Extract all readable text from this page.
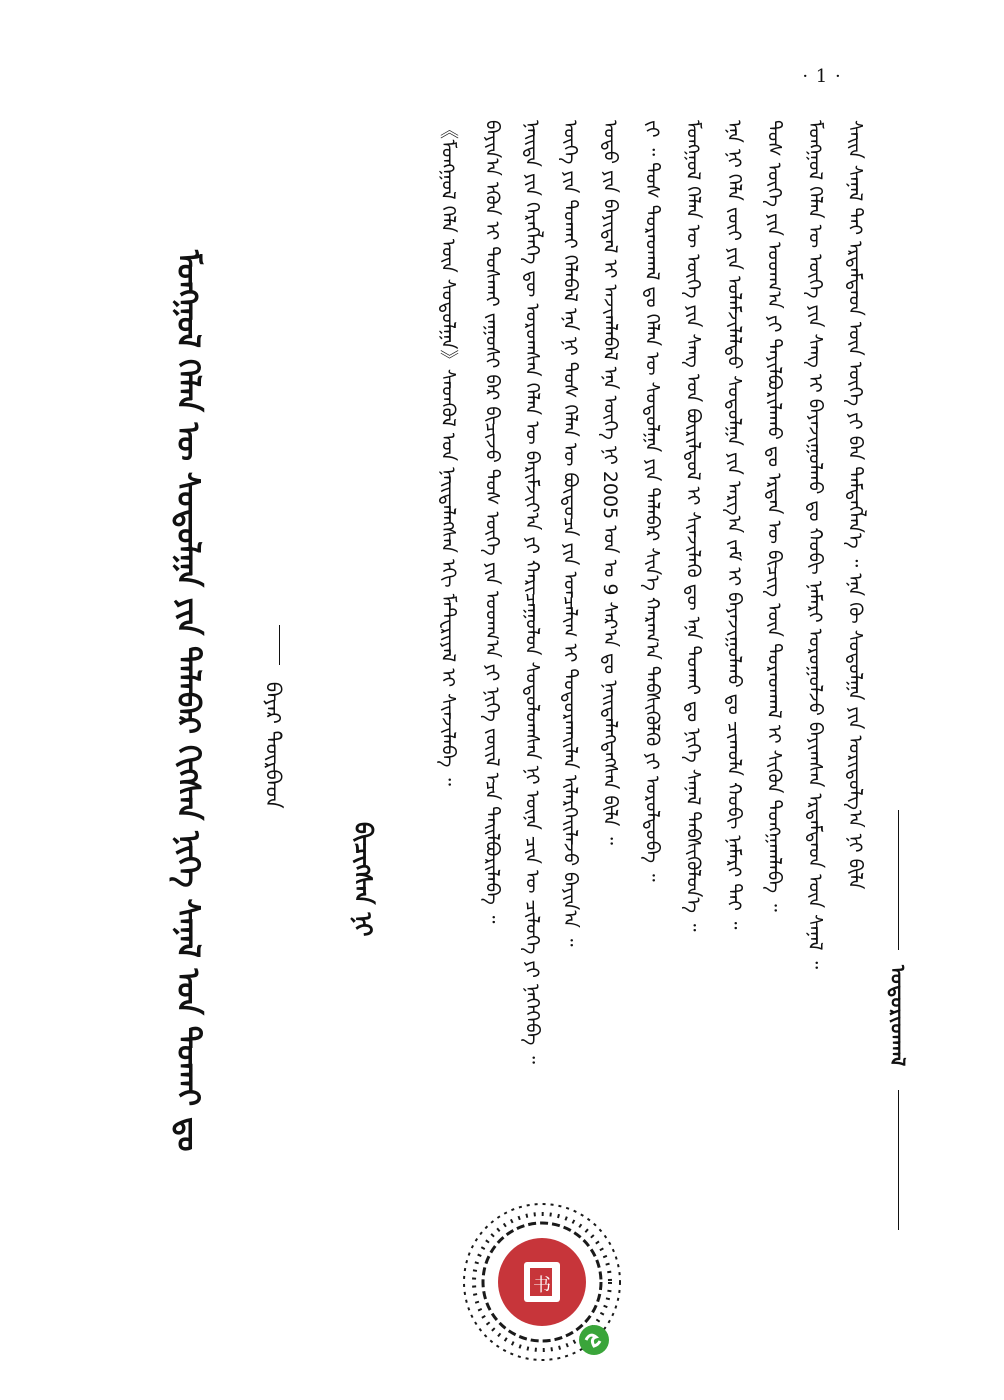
· 1 ·
ᠮᠣᠩᠭᠣᠯ ᠬᠡᠯᠡᠨ ᠦ ᠰᠤᠳᠤᠯᠭᠠ ᠶᠢᠨ ᠲᠠᠯᠠᠪᠠᠷ ᠬᠢᠭᠰᠡᠨ ᠨᠢᠭᠡ ᠰᠠᠨᠠᠯ ᠤᠨ ᠲᠤᠬᠠᠢ ᠳᠤ	ᠪᠠᠶᠠᠷ ᠳᠦᠷᠪᠡᠳ
ᠪᠢᠴᠢᠭᠰᠡᠨ ᠨᠢ
《ᠮᠣᠩᠭᠣᠯ ᠬᠡᠯᠡ ᠦᠨ ᠰᠤᠳᠤᠯᠭᠠ》ᠰᠡᠳᠬᠦᠯ ᠤᠨ ᠨᠡᠢᠲᠡᠯᠡᠭᠰᠡᠨ ᠡᠬᠢ ᠮᠠᠲᠧᠷᠢᠶᠠᠯ ᠢ ᠰᠢᠨᠵᠢᠯᠡᠪᠡ ᠃ ᠪᠠᠶᠢᠨ᠎ᠠ ᠡᠭᠦᠨ ᠢ ᠲᠤᠰᠬᠠᠢ ᠵᠠᠭᠤᠰᠢ ᠪᠠᠷ ᠪᠢᠴᠢᠵᠦ ᠲᠤᠰ ᠦᠭᠡ ᠶᠢᠨ ᠤᠳᠬ᠎ᠠ ᠶᠢ ᠨᠢᠭᠡ ᠵᠦᠢᠯ ᠡᠴᠡ ᠲᠠᠢᠯᠪᠤᠷᠢᠯᠠᠪᠠ ᠃ ᠨᠡᠢᠲᠡ ᠶᠢᠨ ᠬᠡᠷᠡᠭᠯᠡᠭᠡ ᠳᠦ ᠣᠷᠣᠭᠰᠠᠨ ᠬᠡᠯᠡᠨ ᠦ ᠪᠠᠷᠢᠮᠵᠢᠶ᠎ᠠ ᠶᠢ ᠬᠠᠷᠢᠴᠠᠭᠤᠯᠤᠨ ᠰᠤᠳᠤᠯᠤᠭᠰᠠᠨ ᠨᠢ ᠦᠨᠡ ᠴᠢᠨ ᠦ ᠴᠢᠯᠤᠭᠡ ᠶᠢ ᠨᠡᠭᠡᠭᠡᠪᠡ ᠃ ᠦᠭᠡ ᠶᠢᠨ ᠲᠤᠬᠠᠢ ᠬᠡᠯᠡᠪᠡᠯ ᠡᠨᠡ ᠨᠢ ᠲᠤᠰ ᠬᠡᠯᠡᠨ ᠦ ᠪᠦᠲᠦᠴᠡ ᠶᠢᠨ ᠣᠨᠴᠠᠯᠢᠭ ᠢ ᠲᠣᠳᠣᠷᠬᠠᠢᠯᠠᠨ ᠢᠯᠡᠷᠬᠡᠢᠯᠡᠵᠦ ᠪᠠᠶᠢᠨ᠎ᠠ ᠃ ᠣᠳᠣ ᠶᠢᠨ ᠪᠠᠶᠢᠳᠠᠯ ᠢ ᠠᠵᠢᠭᠯᠠᠪᠠᠯ ᠡᠨᠡ ᠦᠭᠡ ᠨᠢ 2005 ᠣᠨ ᠤ 9 ᠰᠠᠷ᠎ᠠ ᠳᠤ ᠨᠡᠢᠲᠡᠯᠡᠭᠳᠡᠭᠰᠡᠨ ᠪᠢᠯᠡ ᠃ ᠵᠢ ᠃ ᠲᠤᠰ ᠳᠤᠷᠠᠳᠬᠠᠯ ᠳᠤ ᠬᠡᠯᠡᠨ ᠦ ᠰᠤᠳᠤᠯᠭᠠ ᠶᠢᠨ ᠲᠠᠯᠠᠪᠠᠷ ᠰᠢᠨ᠎ᠡ ᠬᠠᠷᠠᠭ᠎ᠠ ᠳᠡᠪᠰᠢᠭᠦᠯᠬᠦ ᠶᠢ ᠣᠷᠤᠯᠳᠤᠪᠠ ᠃ ᠮᠣᠩᠭᠣᠯ ᠬᠡᠯᠡᠨ ᠦ ᠦᠭᠡ ᠶᠢᠨ ᠰᠠᠩ ᠤᠨ ᠪᠦᠷᠢᠯᠳᠦᠯ ᠢ ᠰᠢᠨᠵᠢᠯᠡᠬᠦ ᠳᠦ ᠡᠨᠡ ᠲᠤᠬᠠᠢ ᠳᠤ ᠨᠢᠭᠡ ᠰᠠᠨᠠᠯ ᠳᠡᠪᠰᠢᠭᠦᠯᠦᠨ᠎ᠡ ᠃ ᠡᠨᠡ ᠨᠢ ᠬᠡᠯᠡ ᠵᠦᠢ ᠶᠢᠨ ᠤᠯᠠᠮᠵᠢᠯᠠᠯᠳᠤ ᠰᠤᠳᠤᠯᠭᠠ ᠶᠢᠨ ᠠᠷᠭ᠎ᠠ ᠵᠠᠮ ᠢ ᠪᠠᠶᠠᠵᠢᠭᠤᠯᠬᠤ ᠳᠤ ᠴᠢᠬᠤᠯᠠ ᠬᠤᠪᠢ ᠨᠡᠮᠡᠷᠢ ᠲᠡᠢ ᠃ ᠲᠤᠰ ᠦᠭᠡ ᠶᠢᠨ ᠤᠳᠬ᠎ᠠ ᠶᠢ ᠲᠠᠶᠢᠯᠪᠤᠷᠢᠯᠠᠬᠤ ᠳᠤ ᠡᠷᠲᠡᠨ ᠦ ᠪᠢᠴᠢᠭ ᠦᠨ ᠳᠤᠷᠠᠳᠬᠠᠯ ᠢ ᠰᠢᠭᠦᠨ ᠲᠤᠩᠭᠠᠭᠯᠠᠪᠠ ᠃ ᠮᠣᠩᠭᠣᠯ ᠬᠡᠯᠡᠨ ᠦ ᠦᠭᠡ ᠶᠢᠨ ᠰᠠᠩ ᠢ ᠪᠠᠶᠠᠵᠢᠭᠤᠯᠬᠤ ᠳᠤ ᠬᠤᠪᠢ ᠨᠡᠮᠡᠷᠢ ᠣᠷᠤᠭᠤᠯᠵᠤ ᠪᠠᠶᠢᠭᠰᠠᠨ ᠡᠷᠳᠡᠮᠲᠡᠳ ᠦᠨ ᠰᠠᠨᠠᠯ ᠃ ᠰᠠᠢᠨ ᠰᠠᠨᠠᠯ ᠲᠠᠢ ᠡᠷᠳᠡᠮᠲᠡᠳ ᠦᠨ ᠦᠭᠡ ᠶᠢ ᠪᠡᠨ ᠲᠡᠮᠳᠡᠭᠯᠡᠨ᠎ᠡ ᠃ ᠡᠨᠡ ᠬᠦ ᠰᠤᠳᠤᠯᠭᠠ ᠶᠢᠨ ᠤᠷᠢᠳᠤᠯᠭ᠎ᠠ ᠨᠢ ᠪᠢᠯᠡ
ᠤᠳᠤᠷᠢᠳᠬᠠᠯ
书
